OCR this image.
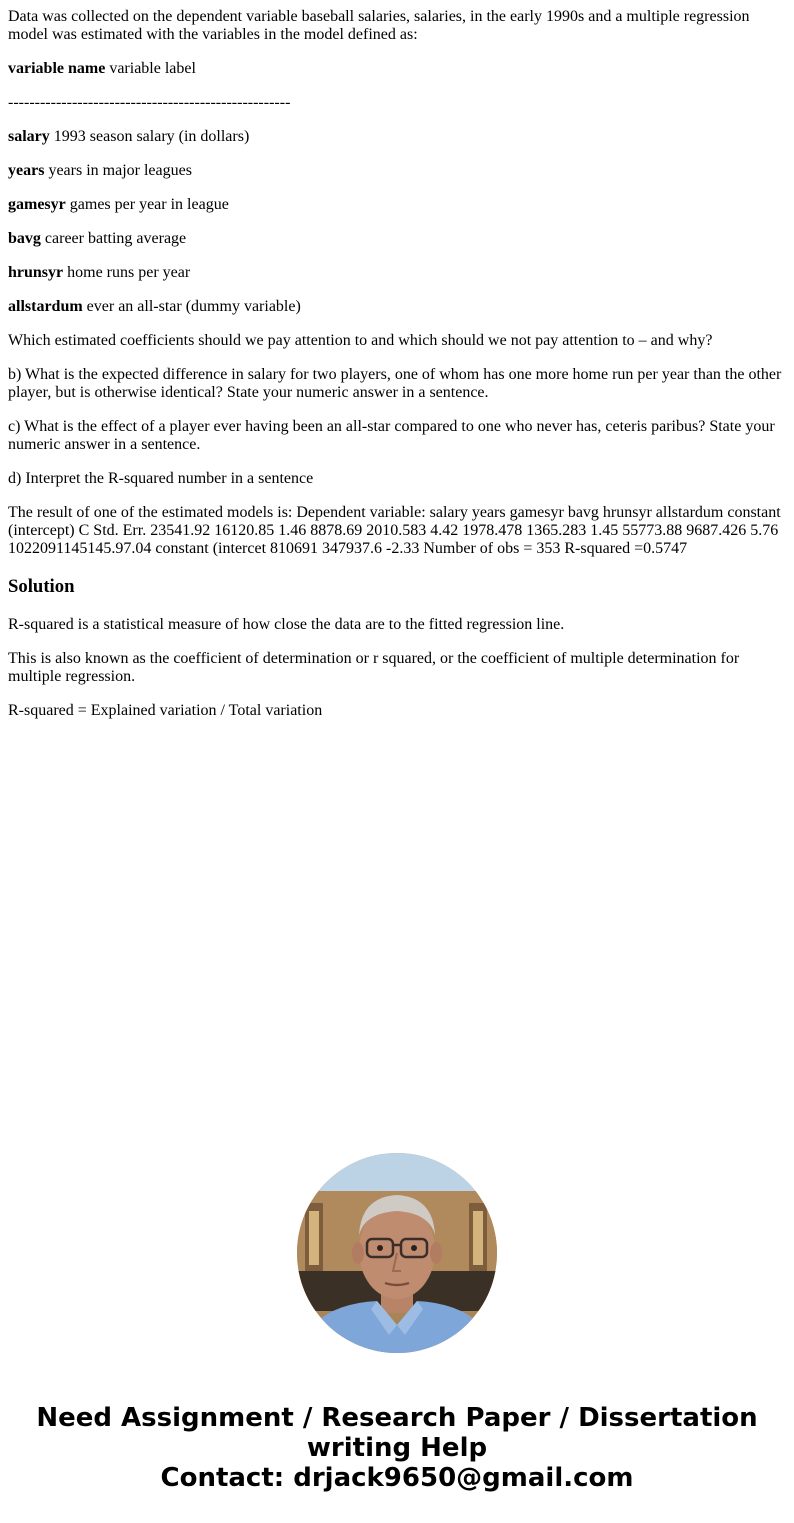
Data was collected on the dependent variable baseball salaries, salaries, in the early 1990s and a multiple regression model was estimated with the variables in the model defined as:

variable name variable label

-----------------------------------------------------

salary 1993 season salary (in dollars)

years years in major leagues

gamesyr games per year in league

bavg career batting average

hrunsyr home runs per year

allstardum ever an all-star (dummy variable)

Which estimated coefficients should we pay attention to and which should we not pay attention to – and why?

b) What is the expected difference in salary for two players, one of whom has one more home run per year than the other player, but is otherwise identical? State your numeric answer in a sentence.

c) What is the effect of a player ever having been an all-star compared to one who never has, ceteris paribus? State your numeric answer in a sentence.

d) Interpret the R-squared number in a sentence

The result of one of the estimated models is: Dependent variable: salary years gamesyr bavg hrunsyr allstardum constant (intercept) C Std. Err. 23541.92 16120.85 1.46 8878.69 2010.583 4.42 1978.478 1365.283 1.45 55773.88 9687.426 5.76 1022091145145.97.04 constant (intercet 810691 347937.6 -2.33 Number of obs = 353 R-squared =0.5747

Solution

R-squared is a statistical measure of how close the data are to the fitted regression line.

This is also known as the coefficient of determination or r squared, or the coefficient of multiple determination for multiple regression.

R-squared = Explained variation / Total variation

Need Assignment / Research Paper / Dissertation
writing Help
Contact: drjack9650@gmail.com
